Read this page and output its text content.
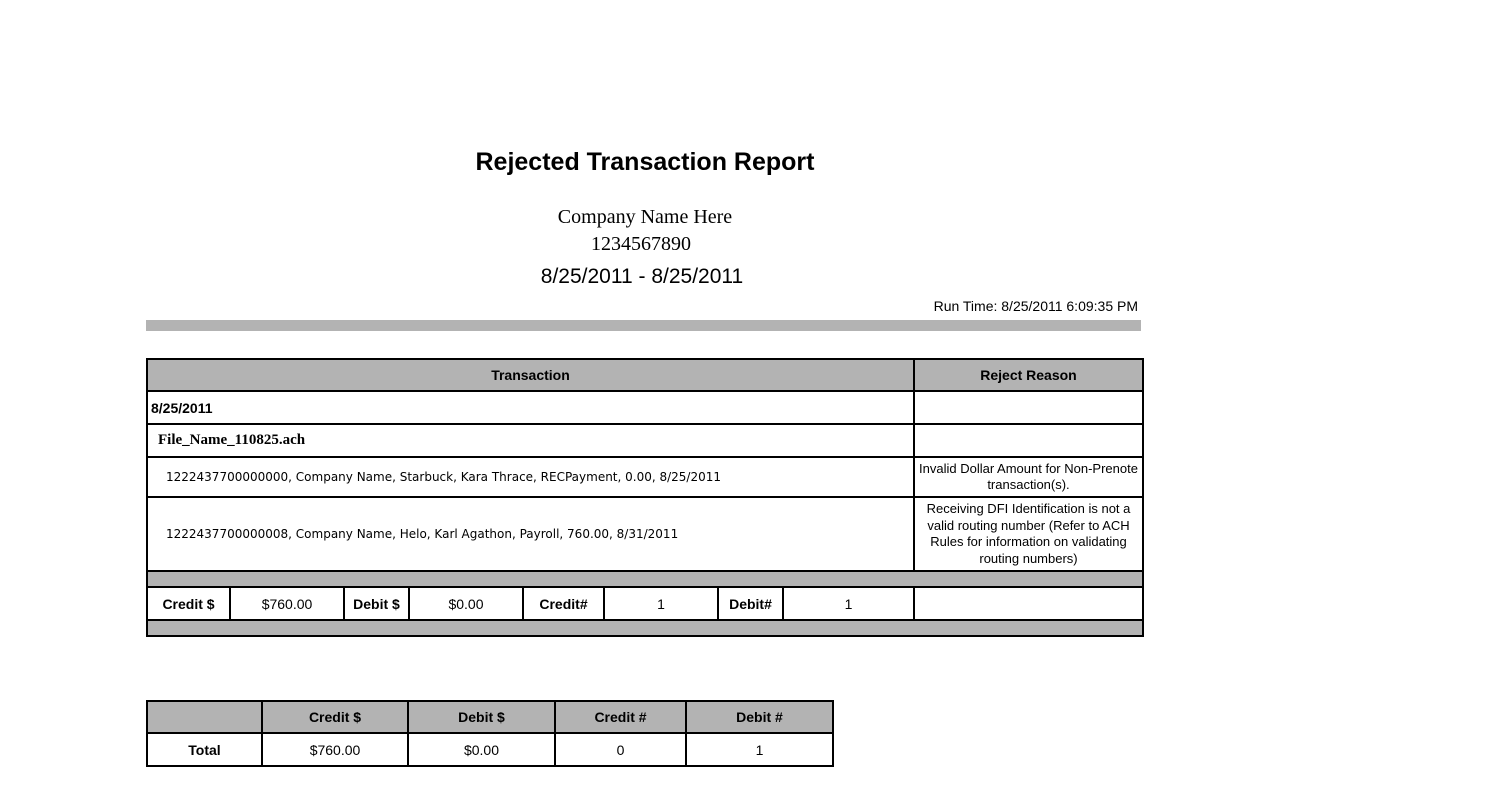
Rejected Transaction Report
Company Name Here
1234567890
8/25/2011 - 8/25/2011
Run Time: 8/25/2011 6:09:35 PM
Transaction	Reject Reason
8/25/2011	
File_Name_110825.ach	
1222437700000000, Company Name, Starbuck, Kara Thrace, RECPayment, 0.00, 8/25/2011	Invalid Dollar Amount for Non-Prenote transaction(s).
1222437700000008, Company Name, Helo, Karl Agathon, Payroll, 760.00, 8/31/2011	Receiving DFI Identification is not a valid routing number (Refer to ACH Rules for information on validating routing numbers)

Credit $	$760.00	Debit $	$0.00	Credit#	1	Debit#	1

	Credit $	Debit $	Credit #	Debit #
Total	$760.00	$0.00	0	1
